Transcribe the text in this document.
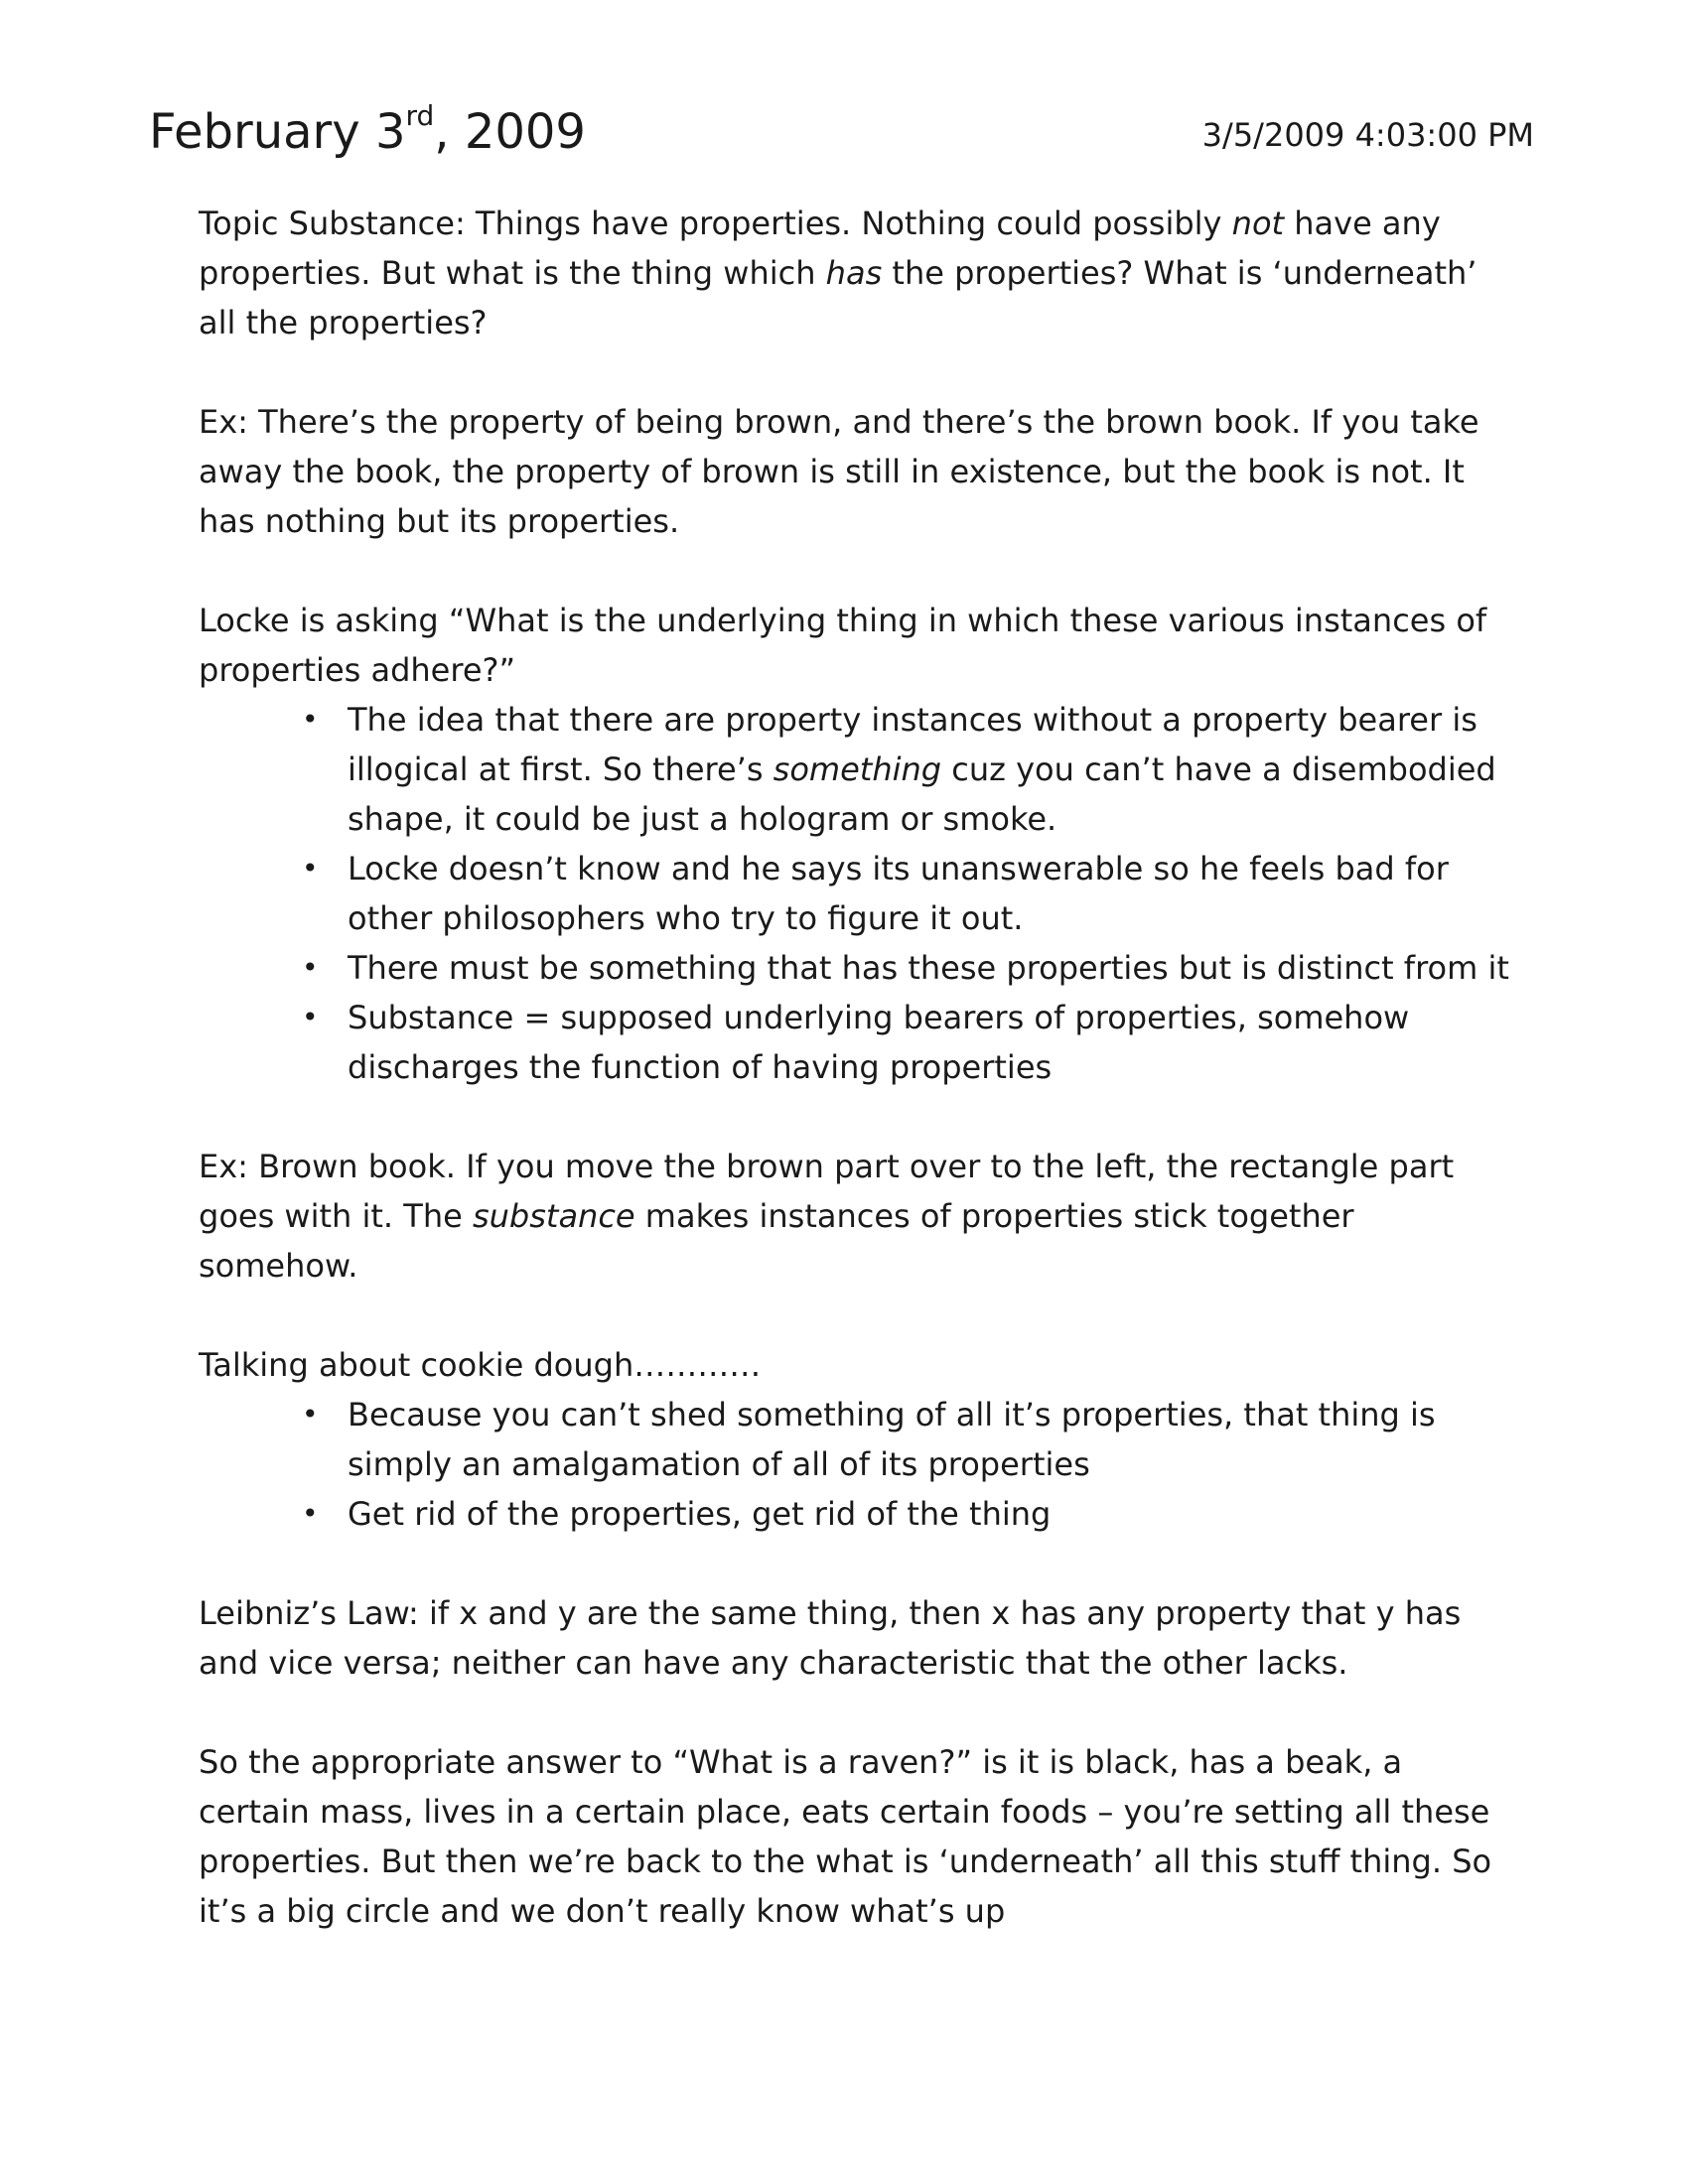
February 3rd, 2009	3/5/2009 4:03:00 PM

Topic Substance: Things have properties. Nothing could possibly not have any properties. But what is the thing which has the properties? What is ‘underneath’ all the properties?

Ex: There’s the property of being brown, and there’s the brown book. If you take away the book, the property of brown is still in existence, but the book is not. It has nothing but its properties.

Locke is asking “What is the underlying thing in which these various instances of properties adhere?”

• The idea that there are property instances without a property bearer is illogical at first. So there’s something cuz you can’t have a disembodied shape, it could be just a hologram or smoke.
• Locke doesn’t know and he says its unanswerable so he feels bad for other philosophers who try to figure it out.
• There must be something that has these properties but is distinct from it
• Substance = supposed underlying bearers of properties, somehow discharges the function of having properties

Ex: Brown book. If you move the brown part over to the left, the rectangle part goes with it. The substance makes instances of properties stick together somehow.

Talking about cookie dough…………

• Because you can’t shed something of all it’s properties, that thing is simply an amalgamation of all of its properties
• Get rid of the properties, get rid of the thing

Leibniz’s Law: if x and y are the same thing, then x has any property that y has and vice versa; neither can have any characteristic that the other lacks.

So the appropriate answer to “What is a raven?” is it is black, has a beak, a certain mass, lives in a certain place, eats certain foods – you’re setting all these properties. But then we’re back to the what is ‘underneath’ all this stuff thing. So it’s a big circle and we don’t really know what’s up
